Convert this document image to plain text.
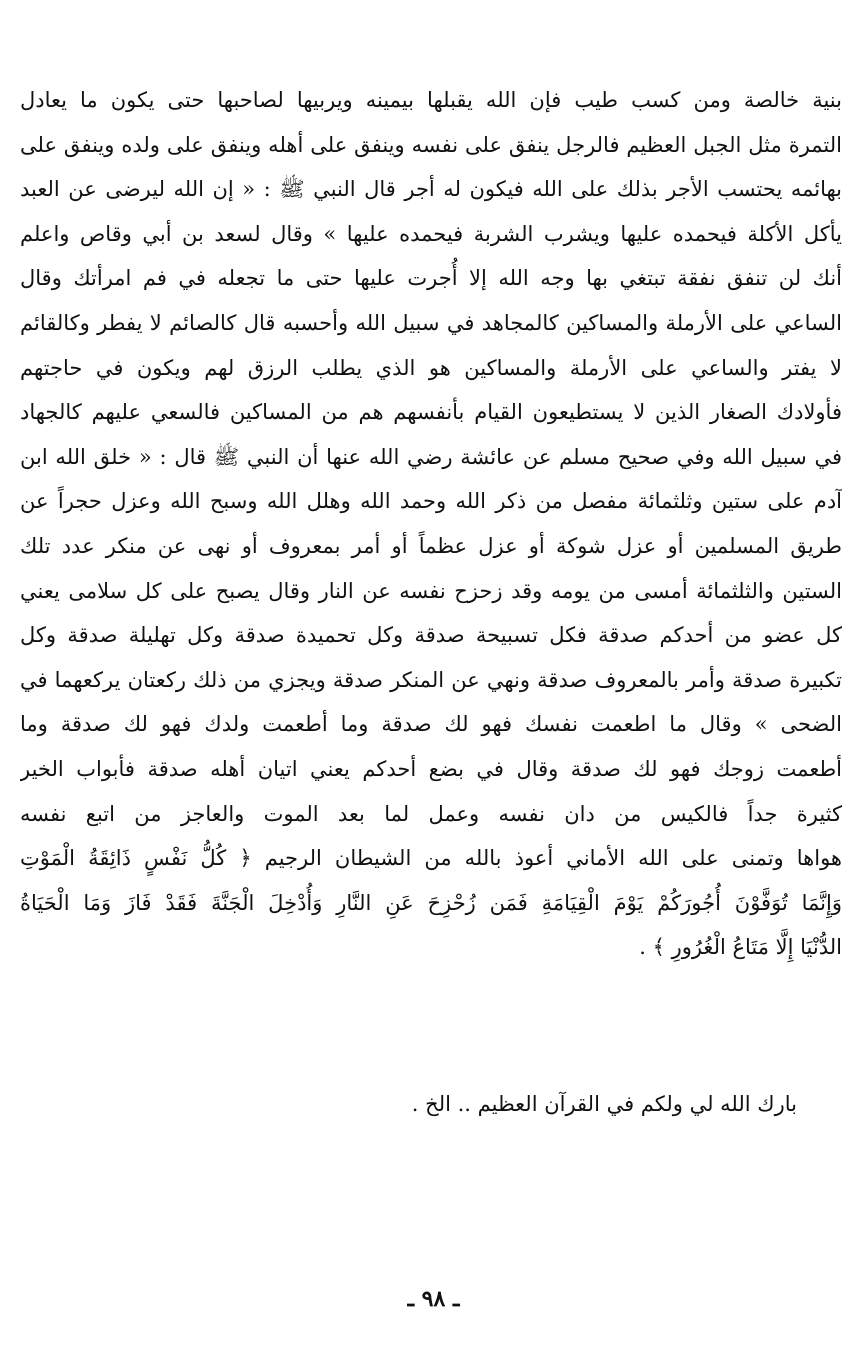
بنية خالصة ومن كسب طيب فإن الله يقبلها بيمينه ويربيها لصاحبها حتى يكون ما يعادل
التمرة مثل الجبل العظيم فالرجل ينفق على نفسه وينفق على أهله وينفق على ولده وينفق على
بهائمه يحتسب الأجر بذلك على الله فيكون له أجر قال النبي ﷺ : « إن الله ليرضى عن العبد
يأكل الأكلة فيحمده عليها ويشرب الشربة فيحمده عليها » وقال لسعد بن أبي وقاص واعلم
أنك لن تنفق نفقة تبتغي بها وجه الله إلا أُجرت عليها حتى ما تجعله في فم امرأتك وقال
الساعي على الأرملة والمساكين كالمجاهد في سبيل الله وأحسبه قال كالصائم لا يفطر وكالقائم
لا يفتر والساعي على الأرملة والمساكين هو الذي يطلب الرزق لهم ويكون في حاجتهم
فأولادك الصغار الذين لا يستطيعون القيام بأنفسهم هم من المساكين فالسعي عليهم كالجهاد
في سبيل الله وفي صحيح مسلم عن عائشة رضي الله عنها أن النبي ﷺ قال : « خلق الله ابن
آدم على ستين وثلثمائة مفصل من ذكر الله وحمد الله وهلل الله وسبح الله وعزل حجراً عن
طريق المسلمين أو عزل شوكة أو عزل عظماً أو أمر بمعروف أو نهى عن منكر عدد تلك
الستين والثلثمائة أمسى من يومه وقد زحزح نفسه عن النار وقال يصبح على كل سلامى يعني
كل عضو من أحدكم صدقة فكل تسبيحة صدقة وكل تحميدة صدقة وكل تهليلة صدقة وكل
تكبيرة صدقة وأمر بالمعروف صدقة ونهي عن المنكر صدقة ويجزي من ذلك ركعتان يركعهما في
الضحى » وقال ما اطعمت نفسك فهو لك صدقة وما أطعمت ولدك فهو لك صدقة وما
أطعمت زوجك فهو لك صدقة وقال في بضع أحدكم يعني اتيان أهله صدقة فأبواب الخير
كثيرة جداً فالكيس من دان نفسه وعمل لما بعد الموت والعاجز من اتبع نفسه
هواها وتمنى على الله الأماني أعوذ بالله من الشيطان الرجيم ﴿ كُلُّ نَفْسٍ ذَائِقَةُ الْمَوْتِ
وَإِنَّمَا تُوَفَّوْنَ أُجُورَكُمْ يَوْمَ الْقِيَامَةِ فَمَن زُحْزِحَ عَنِ النَّارِ وَأُدْخِلَ الْجَنَّةَ فَقَدْ فَازَ وَمَا الْحَيَاةُ
الدُّنْيَا إِلَّا مَتَاعُ الْغُرُورِ ﴾ .
بارك الله لي ولكم في القرآن العظيم .. الخ .
ـ ٩٨ ـ
